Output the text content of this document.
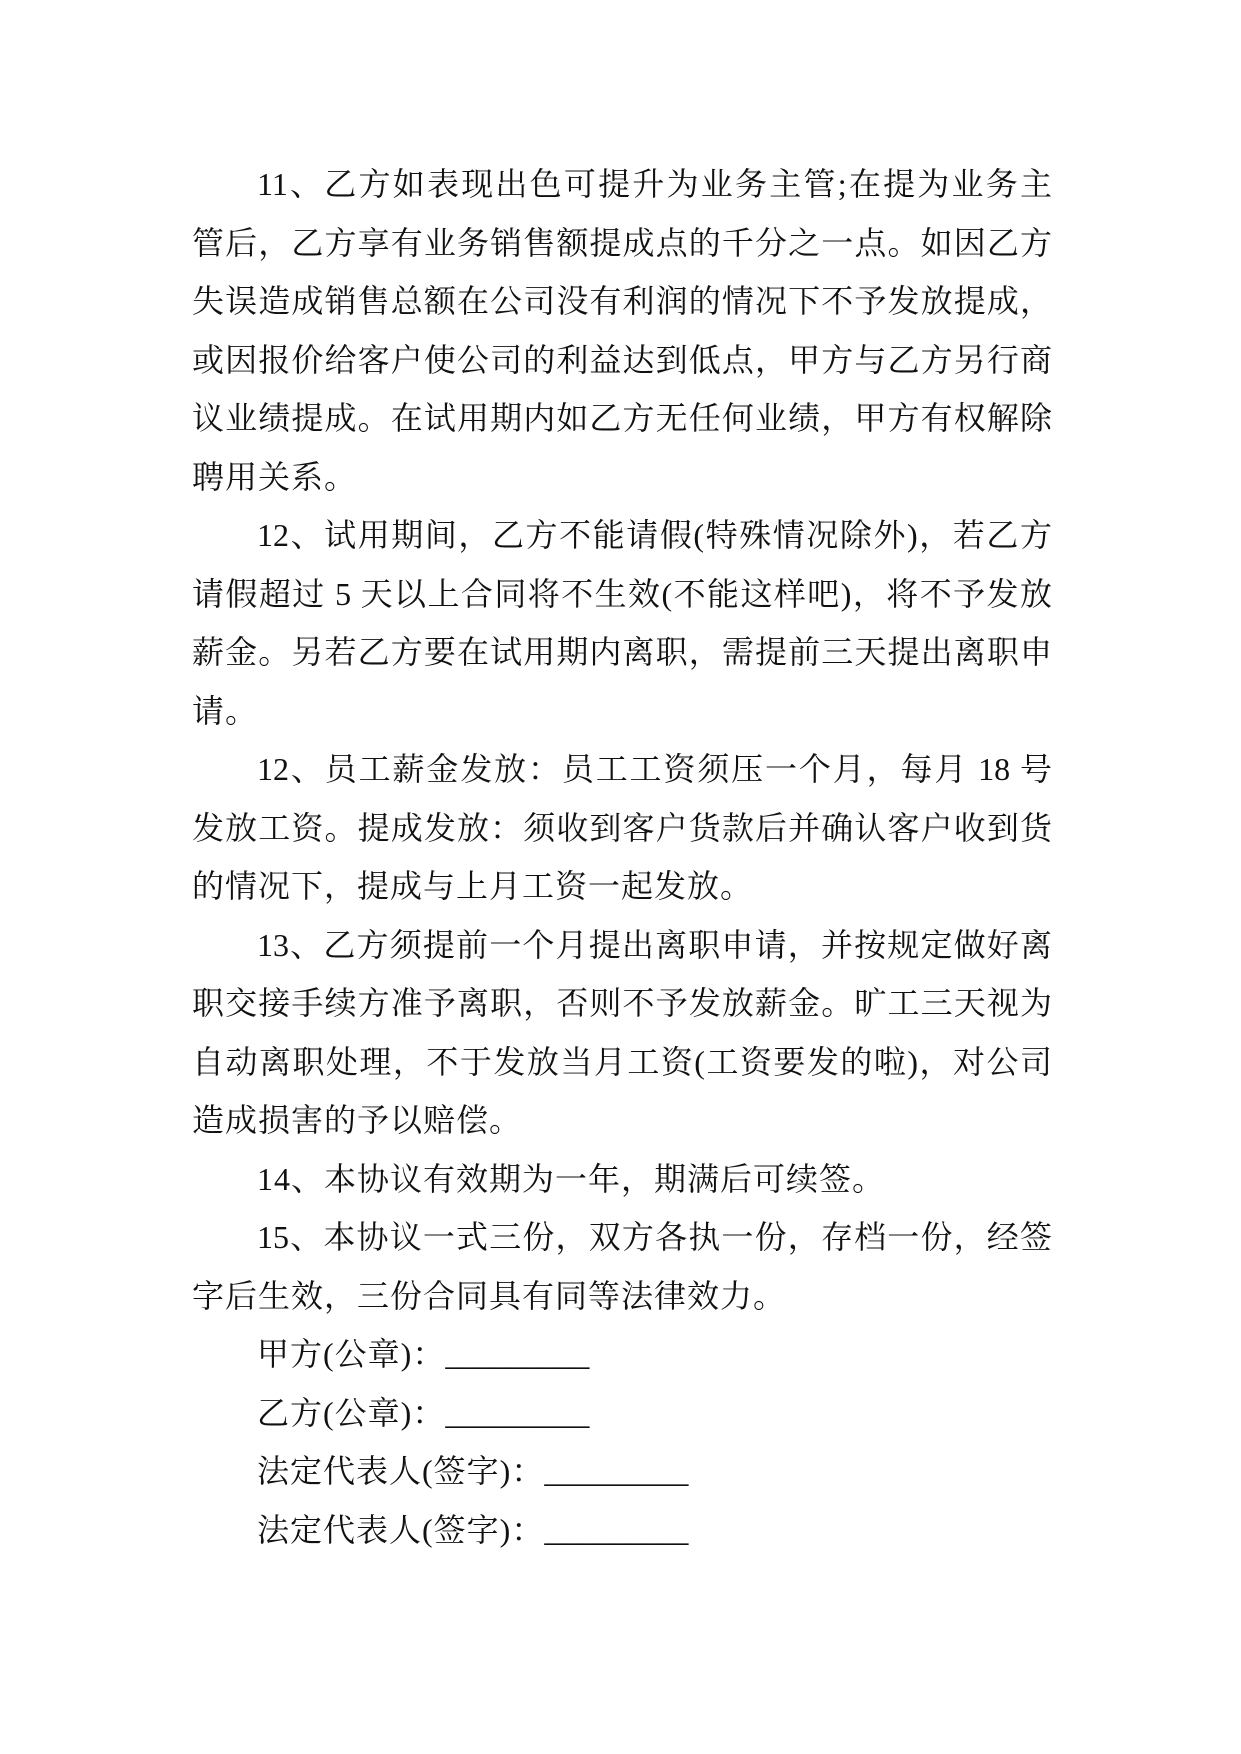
11、乙方如表现出色可提升为业务主管;在提为业务主
管后，乙方享有业务销售额提成点的千分之一点。如因乙方
失误造成销售总额在公司没有利润的情况下不予发放提成，
或因报价给客户使公司的利益达到低点，甲方与乙方另行商
议业绩提成。在试用期内如乙方无任何业绩，甲方有权解除
聘用关系。
12、试用期间，乙方不能请假(特殊情况除外)，若乙方
请假超过 5 天以上合同将不生效(不能这样吧)，将不予发放
薪金。另若乙方要在试用期内离职，需提前三天提出离职申
请。
12、员工薪金发放：员工工资须压一个月，每月 18 号
发放工资。提成发放：须收到客户货款后并确认客户收到货
的情况下，提成与上月工资一起发放。
13、乙方须提前一个月提出离职申请，并按规定做好离
职交接手续方准予离职，否则不予发放薪金。旷工三天视为
自动离职处理，不于发放当月工资(工资要发的啦)，对公司
造成损害的予以赔偿。
14、本协议有效期为一年，期满后可续签。
15、本协议一式三份，双方各执一份，存档一份，经签
字后生效，三份合同具有同等法律效力。
甲方(公章)：_________
乙方(公章)：_________
法定代表人(签字)：_________
法定代表人(签字)：_________
